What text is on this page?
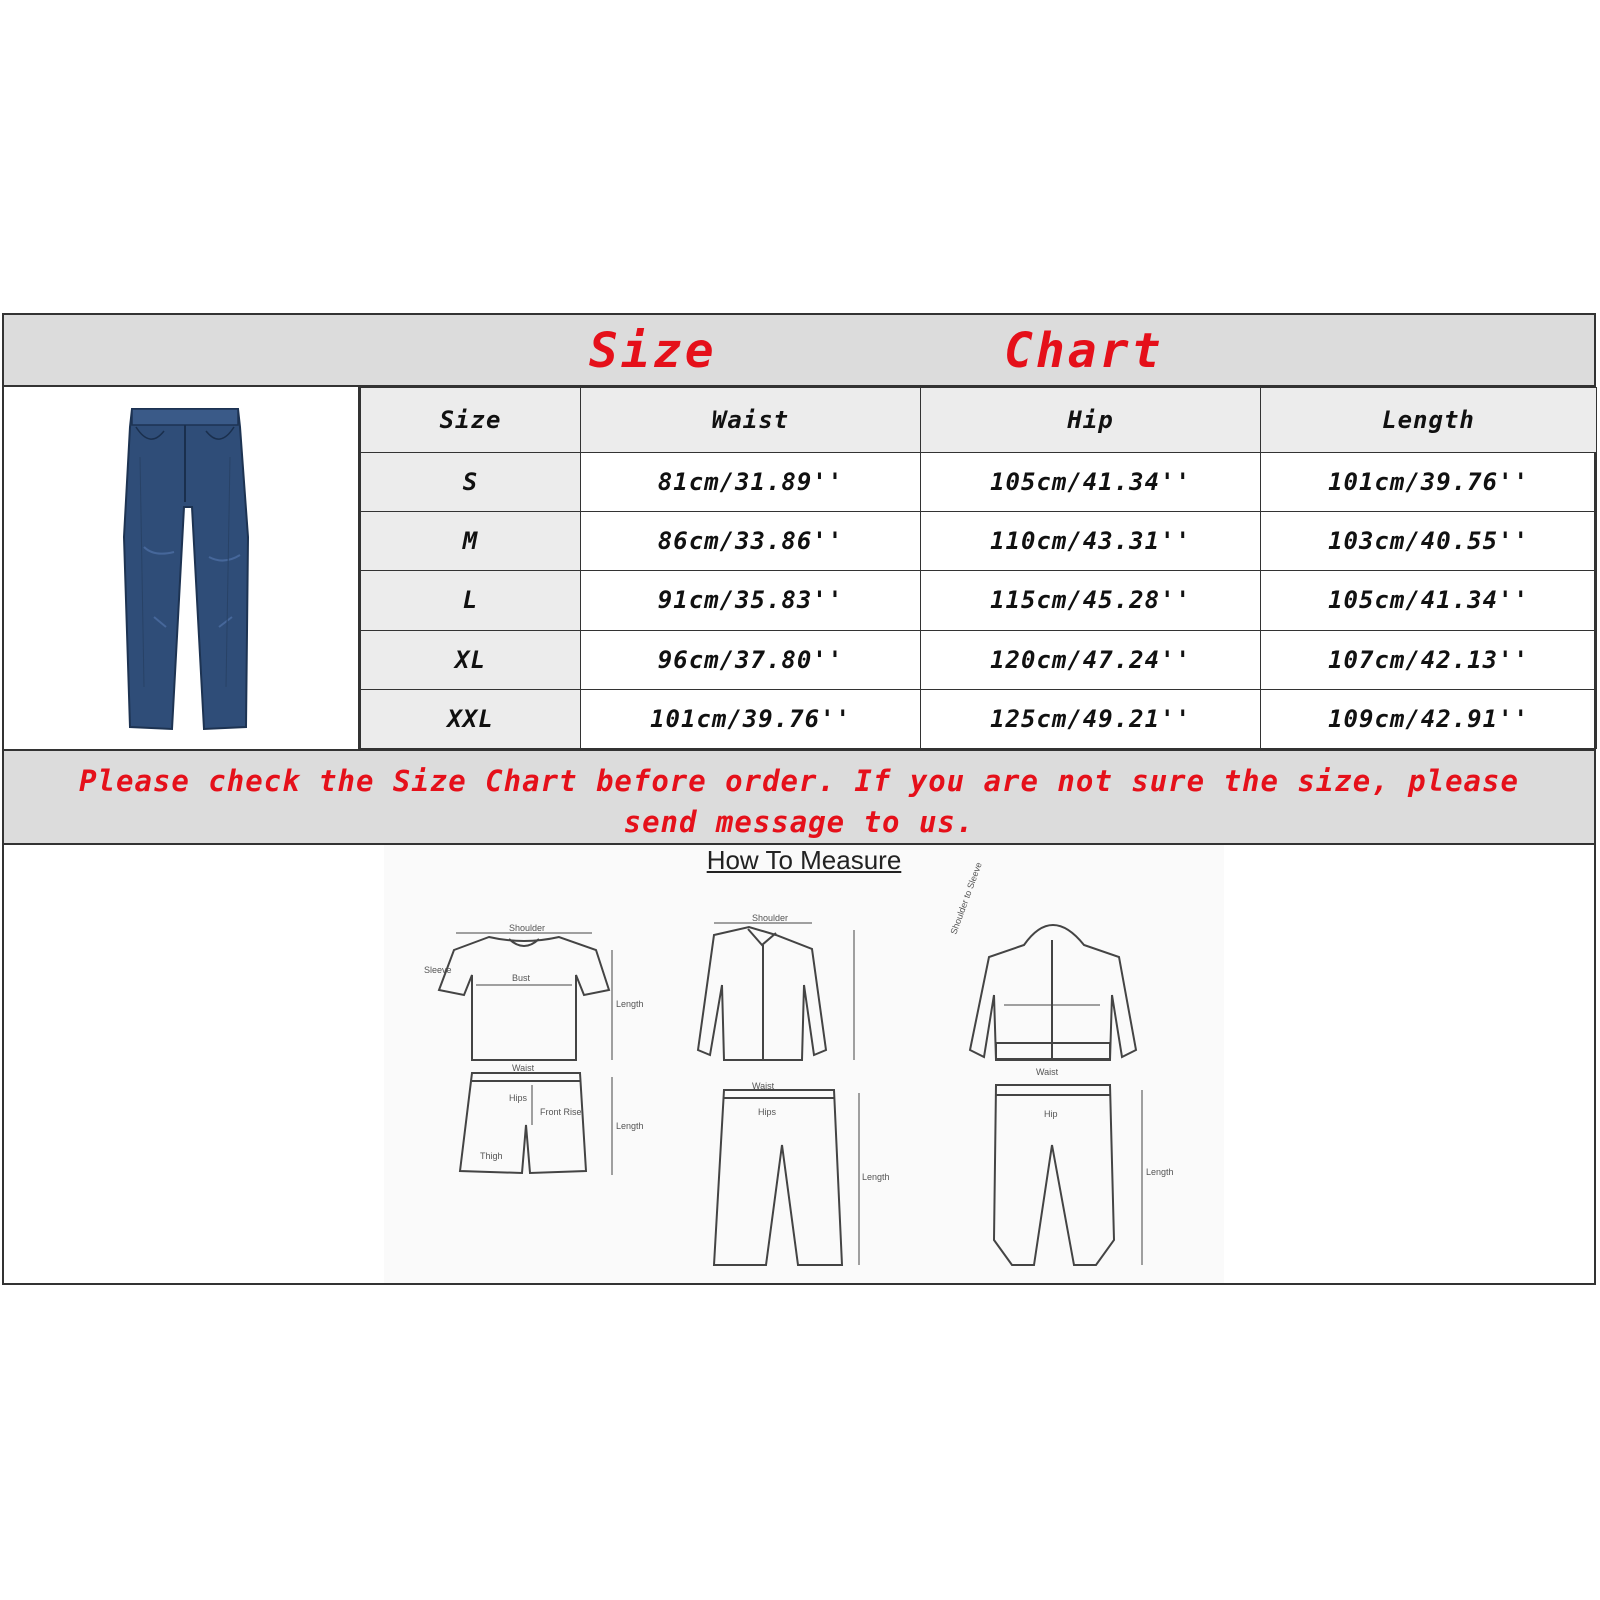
Size	Chart
Size	Waist	Hip	Length
S	81cm/31.89''	105cm/41.34''	101cm/39.76''
M	86cm/33.86''	110cm/43.31''	103cm/40.55''
L	91cm/35.83''	115cm/45.28''	105cm/41.34''
XL	96cm/37.80''	120cm/47.24''	107cm/42.13''
XXL	101cm/39.76''	125cm/49.21''	109cm/42.91''
Please check the Size Chart before order. If you are not sure the size, please send message to us.
How To Measure
Shoulder
Bust
Length
Sleeve
Waist
Hips
Front Rise
Thigh
Length
Shoulder
Waist
Hips
Length
Waist
Hip
Length
Shoulder to Sleeve
